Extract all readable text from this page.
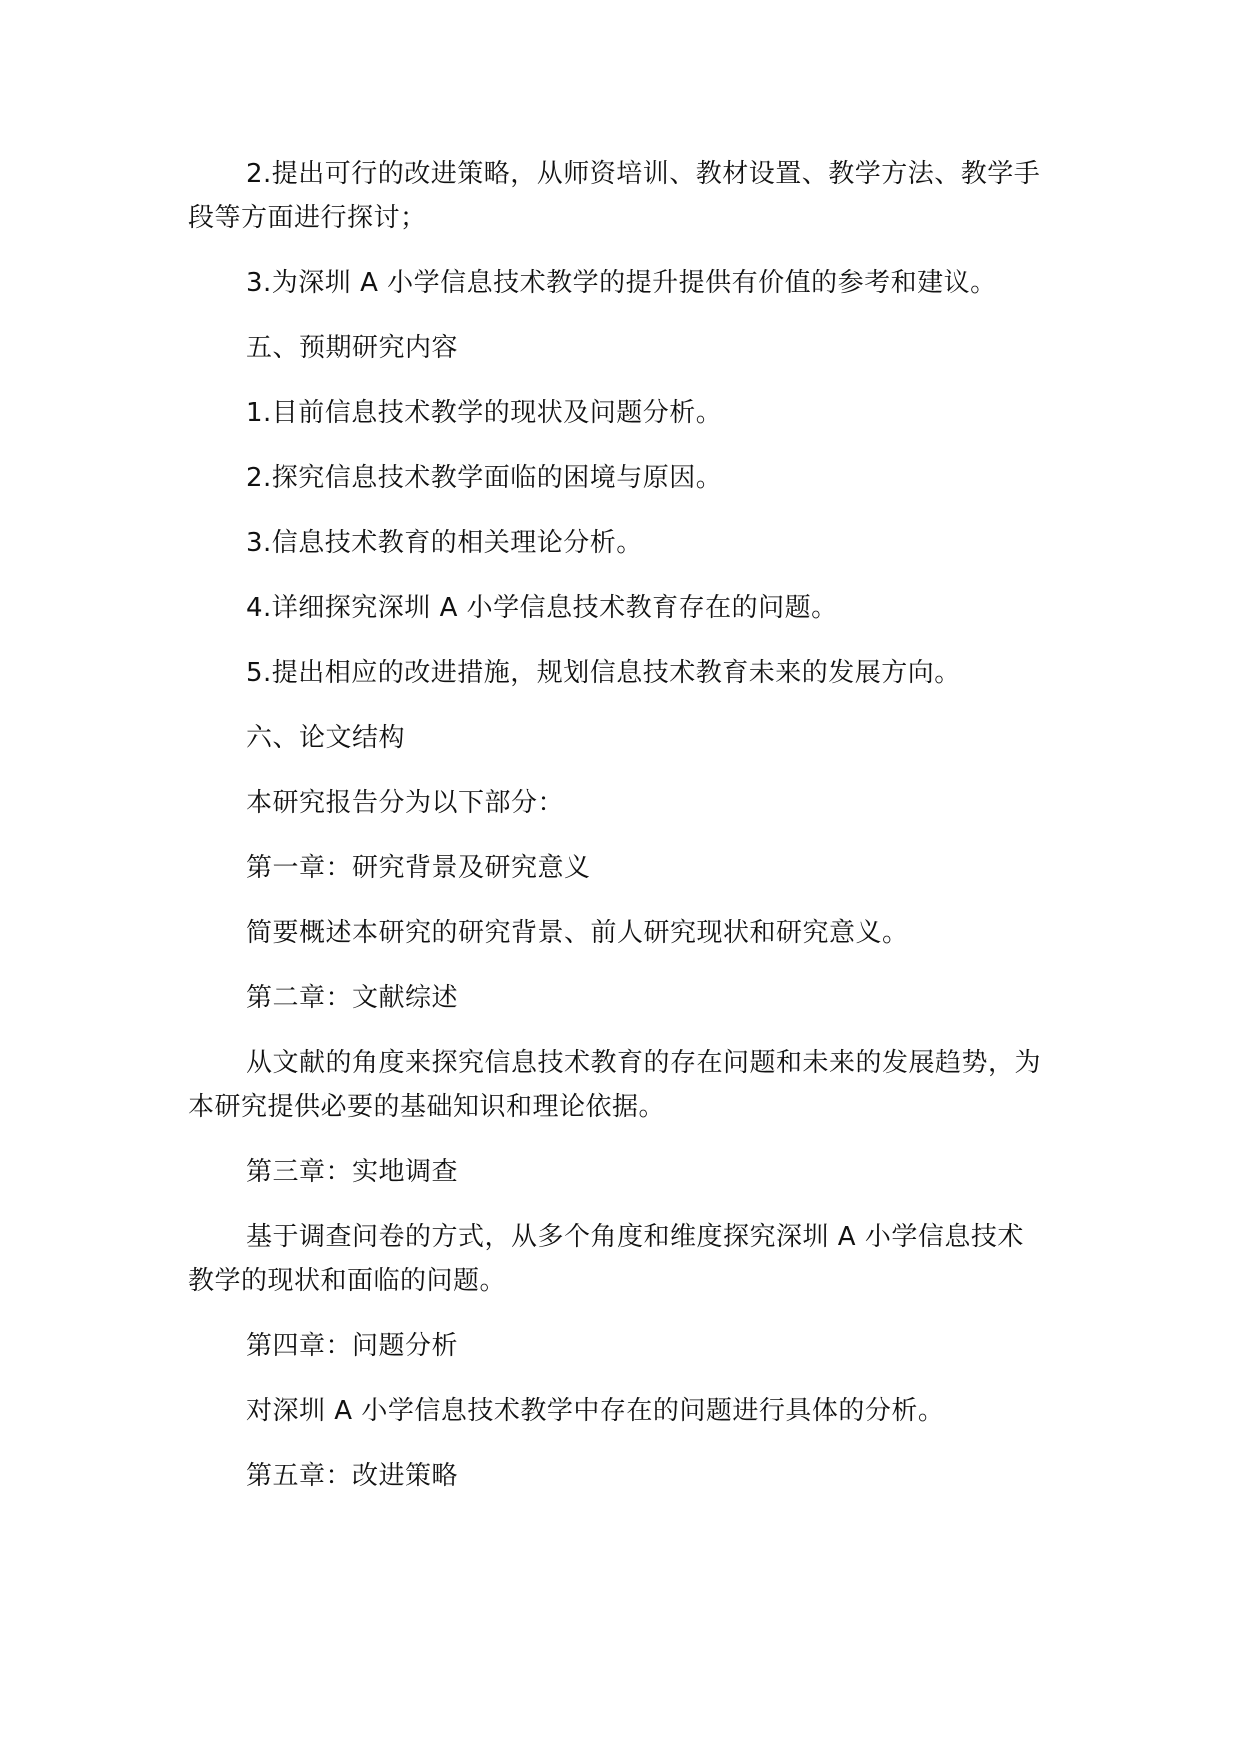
2.提出可行的改进策略，从师资培训、教材设置、教学方法、教学手段等方面进行探讨；

3.为深圳 A 小学信息技术教学的提升提供有价值的参考和建议。

五、预期研究内容

1.目前信息技术教学的现状及问题分析。

2.探究信息技术教学面临的困境与原因。

3.信息技术教育的相关理论分析。

4.详细探究深圳 A 小学信息技术教育存在的问题。

5.提出相应的改进措施，规划信息技术教育未来的发展方向。

六、论文结构

本研究报告分为以下部分：

第一章：研究背景及研究意义

简要概述本研究的研究背景、前人研究现状和研究意义。

第二章：文献综述

从文献的角度来探究信息技术教育的存在问题和未来的发展趋势，为本研究提供必要的基础知识和理论依据。

第三章：实地调查

基于调查问卷的方式，从多个角度和维度探究深圳 A 小学信息技术教学的现状和面临的问题。

第四章：问题分析

对深圳 A 小学信息技术教学中存在的问题进行具体的分析。

第五章：改进策略
